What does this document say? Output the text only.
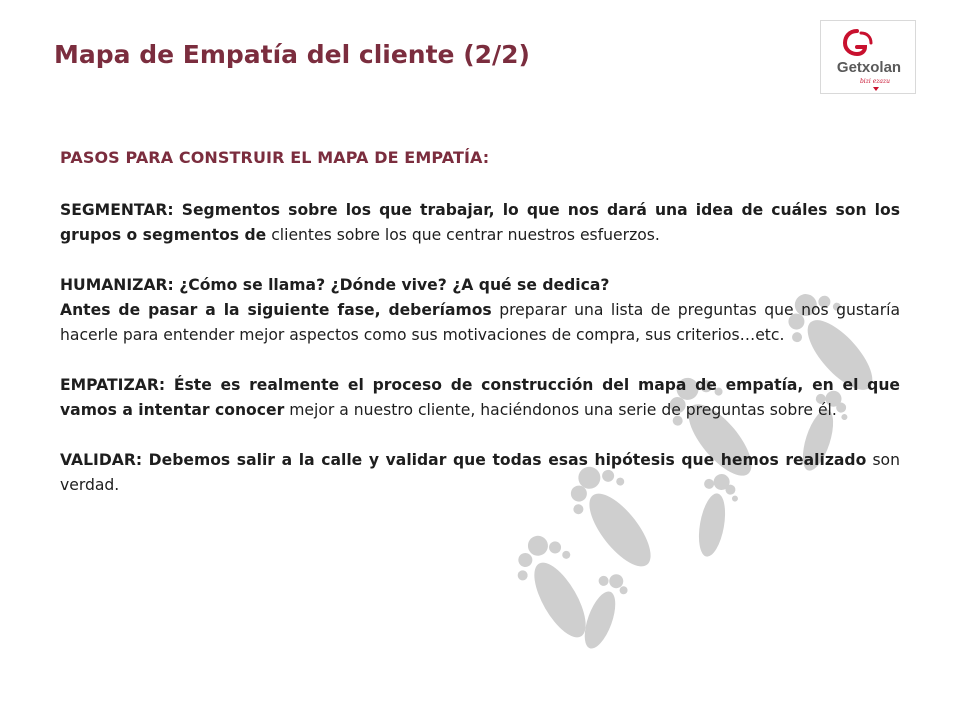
Mapa de Empatía del cliente (2/2)	Getxolan
bizi ezazu

PASOS PARA CONSTRUIR EL MAPA DE EMPATÍA:

SEGMENTAR: Segmentos sobre los que trabajar, lo que nos dará una idea de cuáles son los grupos o segmentos de clientes sobre los que centrar nuestros esfuerzos.

HUMANIZAR: ¿Cómo se llama? ¿Dónde vive? ¿A qué se dedica?

Antes de pasar a la siguiente fase, deberíamos preparar una lista de preguntas que nos gustaría hacerle para entender mejor aspectos como sus motivaciones de compra, sus criterios…etc.

EMPATIZAR: Éste es realmente el proceso de construcción del mapa de empatía, en el que vamos a intentar conocer mejor a nuestro cliente, haciéndonos una serie de preguntas sobre él.

VALIDAR: Debemos salir a la calle y validar que todas esas hipótesis que hemos realizado son verdad.
